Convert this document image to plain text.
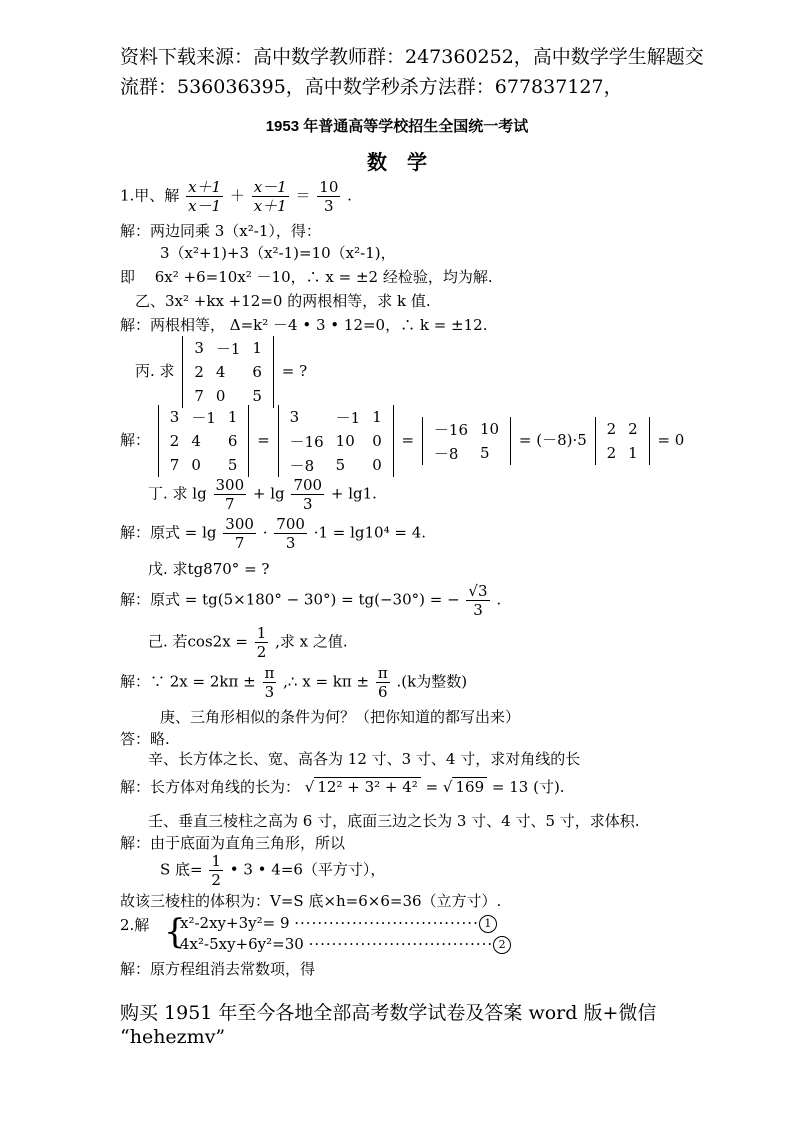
资料下载来源：高中数学教师群：247360252，高中数学学生解题交
流群：536036395，高中数学秒杀方法群：677837127，
1953 年普通高等学校招生全国统一考试
数　学
1.甲、解 $\frac{x+1}{x-1} + \frac{x-1}{x+1} = \frac{10}{3}$ .
解：两边同乘 3（x²-1），得：
3（x²+1)+3（x²-1)=10（x²-1)，
即　 6x² +6=10x² －10，∴ x = ±2 经检验，均为解.
乙、3x² +kx +12=0 的两根相等，求 k 值.
解：两根相等， Δ=k² －4 • 3 • 12=0，∴ k = ±12.
丙. 求
3	－1	1
2	4	6
7	0	5
= ?
解：
3	－1	1
2	4	6
7	0	5
=
3	－1	1
－16	10	0
－8	5	0
=
－16	10
－8	5
= (－8)·5
2	2
2	1
= 0
丁. 求 $\lg \frac{300}{7} + \lg \frac{700}{3} + \lg 1$.
解：原式 = $\lg \frac{300}{7} \cdot \frac{700}{3} \cdot 1 = \lg 10^4 = 4$.
戊. 求tg870° = ?
解：原式 = tg(5×180° − 30°) = tg(−30°) = − $\frac{√3}{3}$ .
己. 若$\cos 2x = \frac{1}{2}$ ,求 x 之值.
解：∵ $2x = 2k\pi \pm \frac{\pi}{3}$ ,∴ $x = k\pi \pm \frac{\pi}{6} .(k$为整数)
庚、三角形相似的条件为何？（把你知道的都写出来）
答：略.
辛、长方体之长、宽、高各为 12 寸、3 寸、4 寸，求对角线的长
解：长方体对角线的长为： √ 12² + 3² + 4² = √ 169 = 13 (寸).
壬、垂直三棱柱之高为 6 寸，底面三边之长为 3 寸、4 寸、5 寸，求体积.
解：由于底面为直角三角形，所以
S 底= $\frac{1}{2}$ • 3 • 4=6（平方寸），
故该三棱柱的体积为：V=S 底×h=6×6=36（立方寸）.
2.解 {
x²-2xy+3y²= 9 ································ 1
4x²-5xy+6y²=30 ································ 2
解：原方程组消去常数项，得
购买 1951 年至今各地全部高考数学试卷及答案 word 版+微信
“hehezmv”
